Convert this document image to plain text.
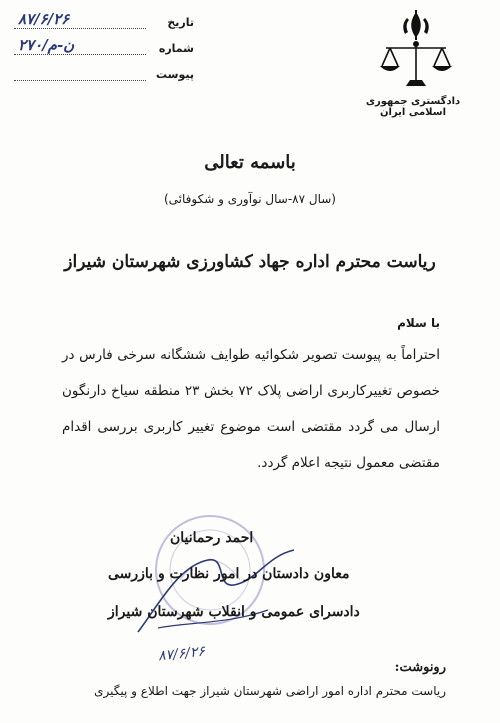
تاریخ
۸۷/۶/۲۶
شماره
ن-م/۲۷۰
پیوست
دادگستری جمهوری اسلامی ایران
باسمه تعالی
(سال ۸۷-سال نوآوری و شکوفائی)
ریاست محترم اداره جهاد کشاورزی شهرستان شیراز
با سلام
احتراماً به پیوست تصویر شکوائیه طوایف ششگانه سرخی فارس در خصوص تغییرکاربری اراضی پلاک ۷۲ بخش ۲۳ منطقه سیاخ دارنگون ارسال می گردد مقتضی است موضوع تغییر کاربری بررسی اقدام مقتضی معمول نتیجه اعلام گردد.
احمد رحمانیان
معاون دادستان در امور نظارت و بازرسی
دادسرای عمومی و انقلاب شهرستان شیراز
۸۷/۶/۲۶
رونوشت:
ریاست محترم اداره امور اراضی شهرستان شیراز جهت اطلاع و پیگیری
